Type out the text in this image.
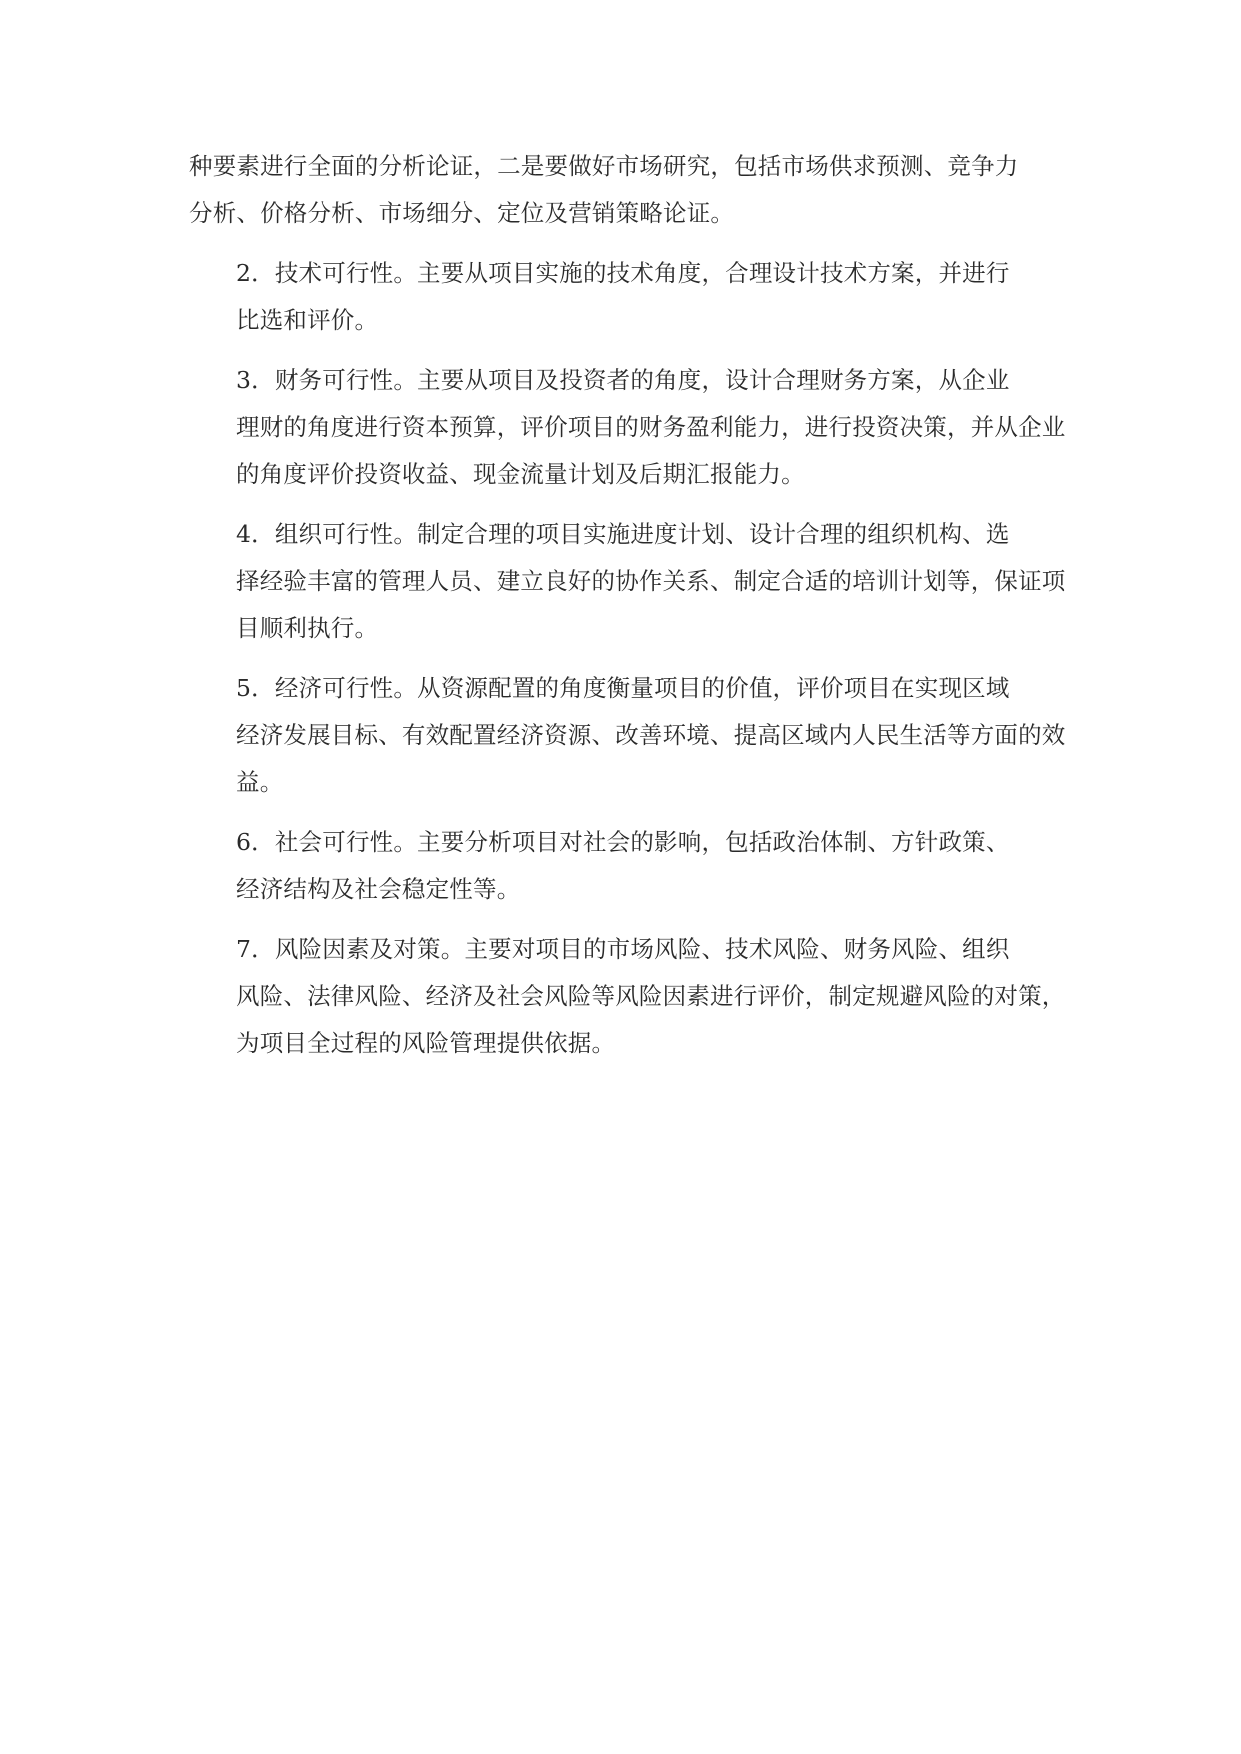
种要素进行全面的分析论证，二是要做好市场研究，包括市场供求预测、竞争力
分析、价格分析、市场细分、定位及营销策略论证。

2．技术可行性。主要从项目实施的技术角度，合理设计技术方案，并进行
比选和评价。

3．财务可行性。主要从项目及投资者的角度，设计合理财务方案，从企业
理财的角度进行资本预算，评价项目的财务盈利能力，进行投资决策，并从企业
的角度评价投资收益、现金流量计划及后期汇报能力。

4．组织可行性。制定合理的项目实施进度计划、设计合理的组织机构、选
择经验丰富的管理人员、建立良好的协作关系、制定合适的培训计划等，保证项
目顺利执行。

5．经济可行性。从资源配置的角度衡量项目的价值，评价项目在实现区域
经济发展目标、有效配置经济资源、改善环境、提高区域内人民生活等方面的效
益。

6．社会可行性。主要分析项目对社会的影响，包括政治体制、方针政策、
经济结构及社会稳定性等。

7．风险因素及对策。主要对项目的市场风险、技术风险、财务风险、组织
风险、法律风险、经济及社会风险等风险因素进行评价，制定规避风险的对策，
为项目全过程的风险管理提供依据。
